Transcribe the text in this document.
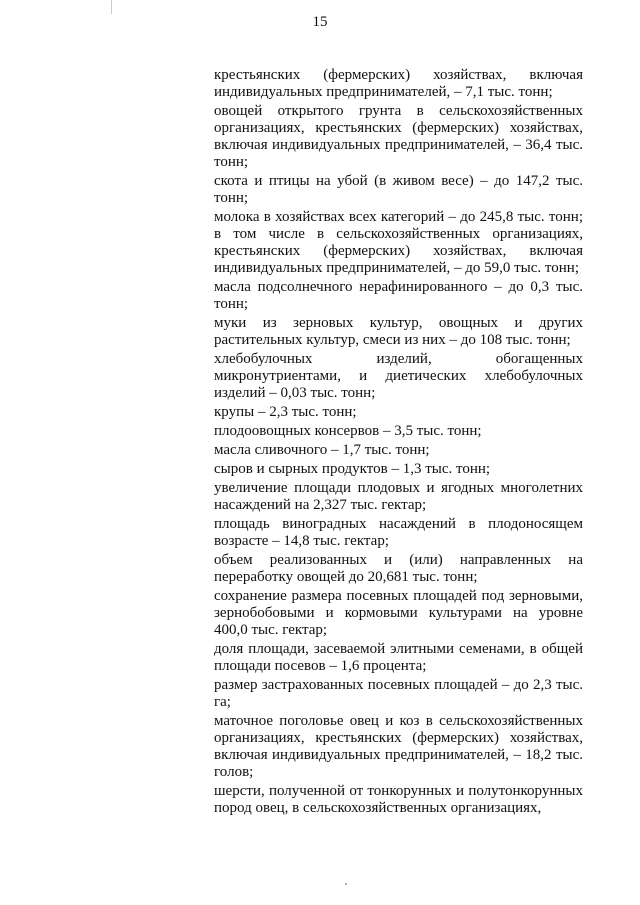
15

крестьянских (фермерских) хозяйствах, включая индивидуальных предпринимателей, – 7,1 тыс. тонн;

овощей открытого грунта в сельскохозяйственных организациях, крестьянских (фермерских) хозяйствах, включая индивидуальных предпринимателей, – 36,4 тыс. тонн;

скота и птицы на убой (в живом весе) – до 147,2 тыс. тонн;

молока в хозяйствах всех категорий – до 245,8 тыс. тонн; в том числе в сельскохозяйственных организациях, крестьянских (фермерских) хозяйствах, включая индивидуальных предпринимателей, – до 59,0 тыс. тонн;

масла подсолнечного нерафинированного – до 0,3 тыс. тонн;

муки из зерновых культур, овощных и других растительных культур, смеси из них – до 108 тыс. тонн;

хлебобулочных изделий, обогащенных микронутриентами, и диетических хлебобулочных изделий – 0,03 тыс. тонн;

крупы – 2,3 тыс. тонн;

плодоовощных консервов – 3,5 тыс. тонн;

масла сливочного – 1,7 тыс. тонн;

сыров и сырных продуктов – 1,3 тыс. тонн;

увеличение площади плодовых и ягодных многолетних насаждений на 2,327 тыс. гектар;

площадь виноградных насаждений в плодоносящем возрасте – 14,8 тыс. гектар;

объем реализованных и (или) направленных на переработку овощей до 20,681 тыс. тонн;

сохранение размера посевных площадей под зерновыми, зернобобовыми и кормовыми культурами на уровне 400,0 тыс. гектар;

доля площади, засеваемой элитными семенами, в общей площади посевов – 1,6 процента;

размер застрахованных посевных площадей – до 2,3 тыс. га;

маточное поголовье овец и коз в сельскохозяйственных организациях, крестьянских (фермерских) хозяйствах, включая индивидуальных предпринимателей, – 18,2 тыс. голов;

шерсти, полученной от тонкорунных и полутонкорунных пород овец, в сельскохозяйственных организациях,
